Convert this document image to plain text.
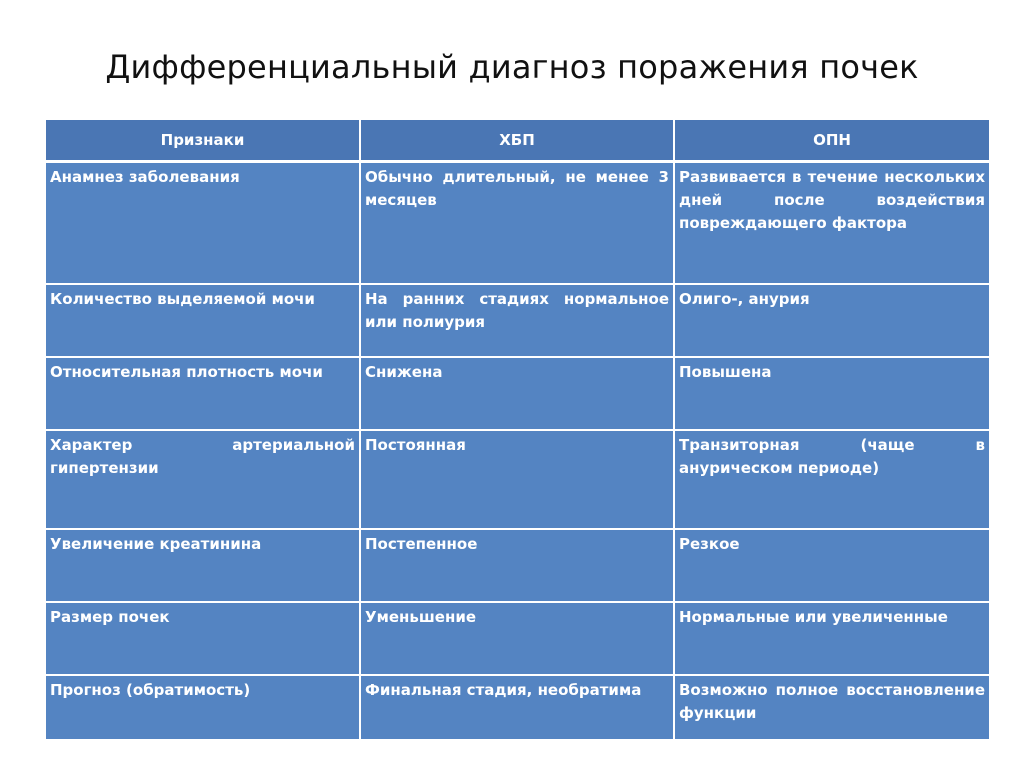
Дифференциальный диагноз поражения почек
Признаки	ХБП	ОПН
Анамнез заболевания	Обычно длительный, не менее 3 месяцев	Развивается в течение нескольких дней после воздействия повреждающего фактора
Количество выделяемой мочи	На ранних стадиях нормальное или полиурия	Олиго-, анурия
Относительная плотность мочи	Снижена	Повышена
Характер артериальной гипертензии	Постоянная	Транзиторная (чаще в анурическом периоде)
Увеличение креатинина	Постепенное	Резкое
Размер почек	Уменьшение	Нормальные или увеличенные
Прогноз (обратимость)	Финальная стадия, необратима	Возможно полное восстановление функции
